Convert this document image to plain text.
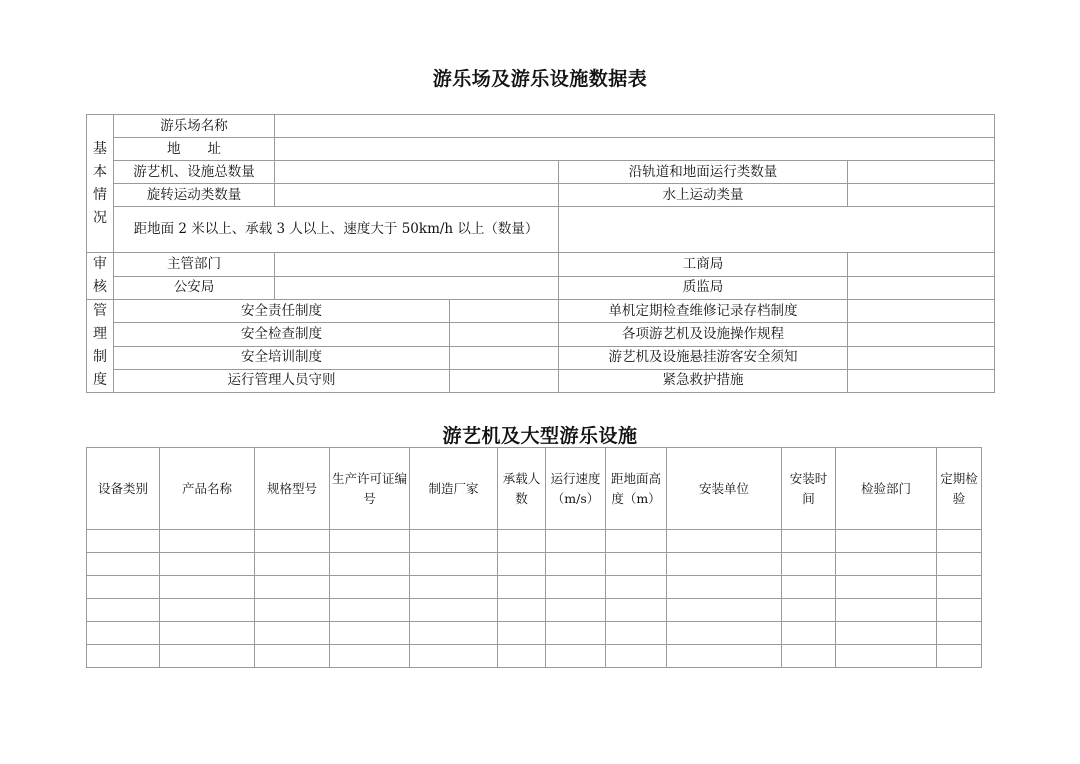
游乐场及游乐设施数据表
基
本
情
况	游乐场名称				
	地　　址				
	游艺机、设施总数量			沿轨道和地面运行类数量	
	旋转运动类数量			水上运动类量	
	距地面 2 米以上、承载 3 人以上、速度大于 50km/h 以上（数量）				

审
核	主管部门			工商局	
	公安局			质监局	

管
理
制
度	安全责任制度			单机定期检查维修记录存档制度	
	安全检查制度			各项游艺机及设施操作规程	
	安全培训制度			游艺机及设施悬挂游客安全须知	
	运行管理人员守则			紧急救护措施	
游艺机及大型游乐设施
设备类别	产品名称	规格型号	生产许可证编号	制造厂家	承载人数	运行速度（m/s）	距地面高度（m）	安装单位	安装时间	检验部门	定期检验
